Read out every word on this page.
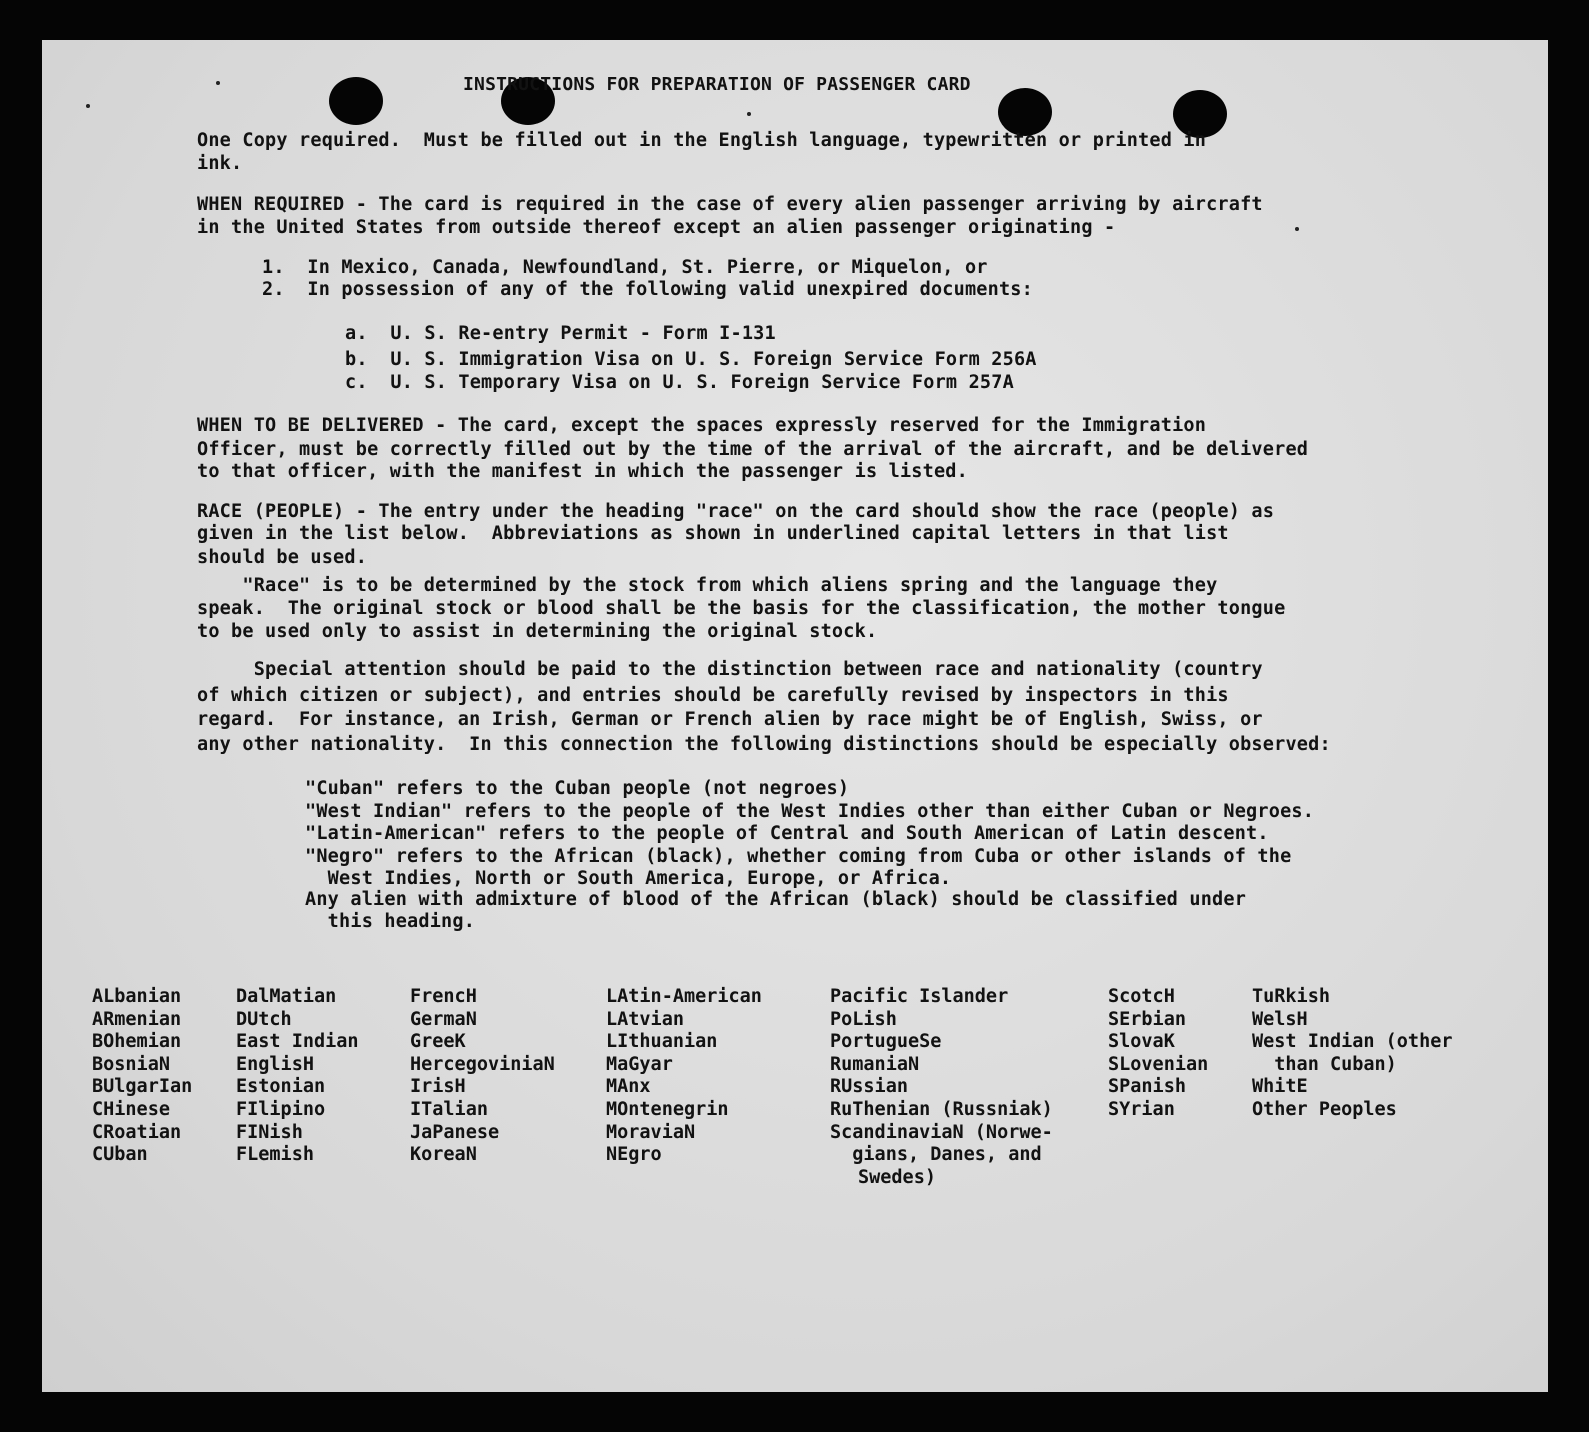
INSTRUCTIONS FOR PREPARATION OF PASSENGER CARD
One Copy required.  Must be filled out in the English language, typewritten or printed in
ink.
WHEN REQUIRED - The card is required in the case of every alien passenger arriving by aircraft
in the United States from outside thereof except an alien passenger originating -
1.  In Mexico, Canada, Newfoundland, St. Pierre, or Miquelon, or
2.  In possession of any of the following valid unexpired documents:
a.  U. S. Re-entry Permit - Form I-131
b.  U. S. Immigration Visa on U. S. Foreign Service Form 256A
c.  U. S. Temporary Visa on U. S. Foreign Service Form 257A
WHEN TO BE DELIVERED - The card, except the spaces expressly reserved for the Immigration
Officer, must be correctly filled out by the time of the arrival of the aircraft, and be delivered
to that officer, with the manifest in which the passenger is listed.
RACE (PEOPLE) - The entry under the heading "race" on the card should show the race (people) as
given in the list below.  Abbreviations as shown in underlined capital letters in that list
should be used.
"Race" is to be determined by the stock from which aliens spring and the language they
speak.  The original stock or blood shall be the basis for the classification, the mother tongue
to be used only to assist in determining the original stock.
Special attention should be paid to the distinction between race and nationality (country
of which citizen or subject), and entries should be carefully revised by inspectors in this
regard.  For instance, an Irish, German or French alien by race might be of English, Swiss, or
any other nationality.  In this connection the following distinctions should be especially observed:
"Cuban" refers to the Cuban people (not negroes)
"West Indian" refers to the people of the West Indies other than either Cuban or Negroes.
"Latin-American" refers to the people of Central and South American of Latin descent.
"Negro" refers to the African (black), whether coming from Cuba or other islands of the
West Indies, North or South America, Europe, or Africa.
Any alien with admixture of blood of the African (black) should be classified under
this heading.
ALbanian
ARmenian
BOhemian
BosniaN
BUlgarIan
CHinese
CRoatian
CUban
DalMatian
DUtch
East Indian
EnglisH
Estonian
FIlipino
FINish
FLemish
FrencH
GermaN
GreeK
HercegoviniaN
IrisH
ITalian
JaPanese
KoreaN
LAtin-American
LAtvian
LIthuanian
MaGyar
MAnx
MOntenegrin
MoraviaN
NEgro
Pacific Islander
PoLish
PortugueSe
RumaniaN
RUssian
RuThenian (Russniak)
ScandinaviaN (Norwe-
gians, Danes, and
Swedes)
ScotcH
SErbian
SlovaK
SLovenian
SPanish
SYrian
TuRkish
WelsH
West Indian (other
than Cuban)
WhitE
Other Peoples
